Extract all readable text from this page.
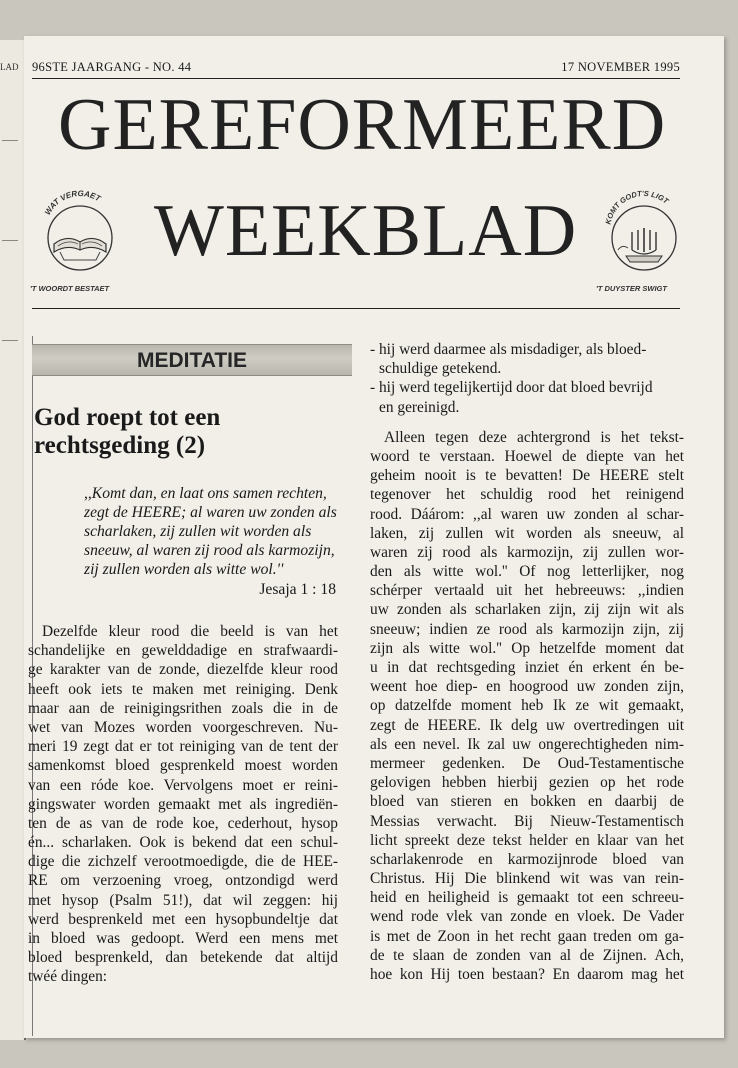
LAD 96STE JAARGANG - NO. 44	17 NOVEMBER 1995
GEREFORMEERD
WEEKBLAD
WAT VERGAET
'T WOORDT BESTAET
KOMT GODT'S LIGT
'T DUYSTER SWIGT
MEDITATIE
God roept tot een
rechtsgeding (2)
,,Komt dan, en laat ons samen rechten,
zegt de HEERE; al waren uw zonden als
scharlaken, zij zullen wit worden als
sneeuw, al waren zij rood als karmozijn,
zij zullen worden als witte wol.''
Jesaja 1 : 18
Dezelfde kleur rood die beeld is van het
schandelijke en gewelddadige en strafwaardi-
ge karakter van de zonde, diezelfde kleur rood
heeft ook iets te maken met reiniging. Denk
maar aan de reinigingsrithen zoals die in de
wet van Mozes worden voorgeschreven. Nu-
meri 19 zegt dat er tot reiniging van de tent der
samenkomst bloed gesprenkeld moest worden
van een róde koe. Vervolgens moet er reini-
gingswater worden gemaakt met als ingrediën-
ten de as van de rode koe, cederhout, hysop
én... scharlaken. Ook is bekend dat een schul-
dige die zichzelf verootmoedigde, die de HEE-
RE om verzoening vroeg, ontzondigd werd
met hysop (Psalm 51!), dat wil zeggen: hij
werd besprenkeld met een hysopbundeltje dat
in bloed was gedoopt. Werd een mens met
bloed besprenkeld, dan betekende dat altijd
twéé dingen:
- hij werd daarmee als misdadiger, als bloed-
schuldige getekend.
- hij werd tegelijkertijd door dat bloed bevrijd
en gereinigd.
Alleen tegen deze achtergrond is het tekst-
woord te verstaan. Hoewel de diepte van het
geheim nooit is te bevatten! De HEERE stelt
tegenover het schuldig rood het reinigend
rood. Dáárom: ,,al waren uw zonden al schar-
laken, zij zullen wit worden als sneeuw, al
waren zij rood als karmozijn, zij zullen wor-
den als witte wol.'' Of nog letterlijker, nog
schérper vertaald uit het hebreeuws: ,,indien
uw zonden als scharlaken zijn, zij zijn wit als
sneeuw; indien ze rood als karmozijn zijn, zij
zijn als witte wol.'' Op hetzelfde moment dat
u in dat rechtsgeding inziet én erkent én be-
weent hoe diep- en hoogrood uw zonden zijn,
op datzelfde moment heb Ik ze wit gemaakt,
zegt de HEERE. Ik delg uw overtredingen uit
als een nevel. Ik zal uw ongerechtigheden nim-
mermeer gedenken. De Oud-Testamentische
gelovigen hebben hierbij gezien op het rode
bloed van stieren en bokken en daarbij de
Messias verwacht. Bij Nieuw-Testamentisch
licht spreekt deze tekst helder en klaar van het
scharlakenrode en karmozijnrode bloed van
Christus. Hij Die blinkend wit was van rein-
heid en heiligheid is gemaakt tot een schreeu-
wend rode vlek van zonde en vloek. De Vader
is met de Zoon in het recht gaan treden om ga-
de te slaan de zonden van al de Zijnen. Ach,
hoe kon Hij toen bestaan? En daarom mag het
